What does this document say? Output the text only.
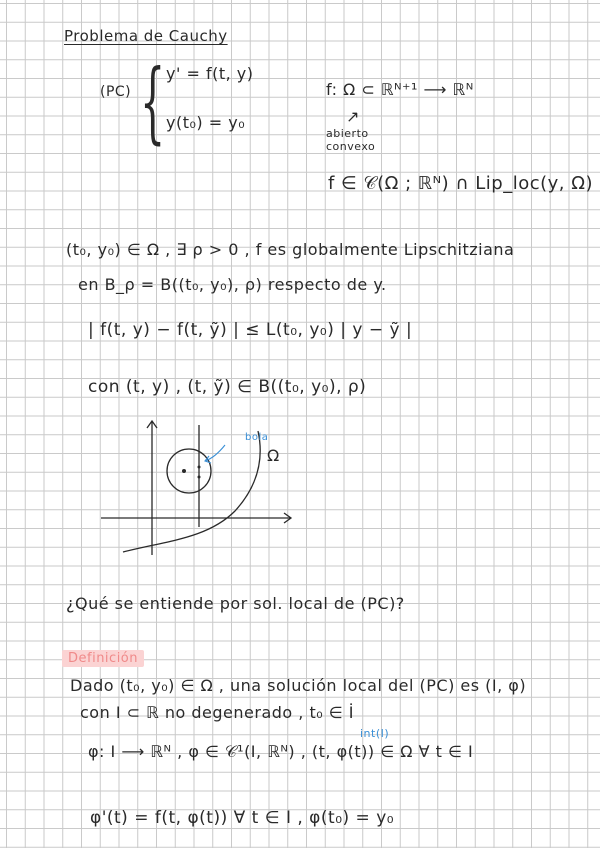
Problema de Cauchy
(PC) { y' = f(t, y)
y(t₀) = y₀
f: Ω ⊂ ℝᴺ⁺¹ ⟶ ℝᴺ
↗
abierto convexo
f ∈ 𝒞(Ω ; ℝᴺ) ∩ Lip_loc(y, Ω)
(t₀, y₀) ∈ Ω , ∃ ρ > 0 , f es globalmente Lipschitziana
en B_ρ = B((t₀, y₀), ρ) respecto de y.
| f(t, y) − f(t, ỹ) | ≤ L(t₀, y₀) | y − ỹ |
con (t, y) , (t, ỹ) ∈ B((t₀, y₀), ρ)
bola
Ω
¿Qué se entiende por sol. local de (PC)?
Definición
Dado (t₀, y₀) ∈ Ω , una solución local del (PC) es (I, φ)
con I ⊂ ℝ no degenerado , t₀ ∈ İ
int(I)
φ: I ⟶ ℝᴺ , φ ∈ 𝒞¹(I, ℝᴺ) , (t, φ(t)) ∈ Ω ∀ t ∈ I
φ'(t) = f(t, φ(t)) ∀ t ∈ I , φ(t₀) = y₀
